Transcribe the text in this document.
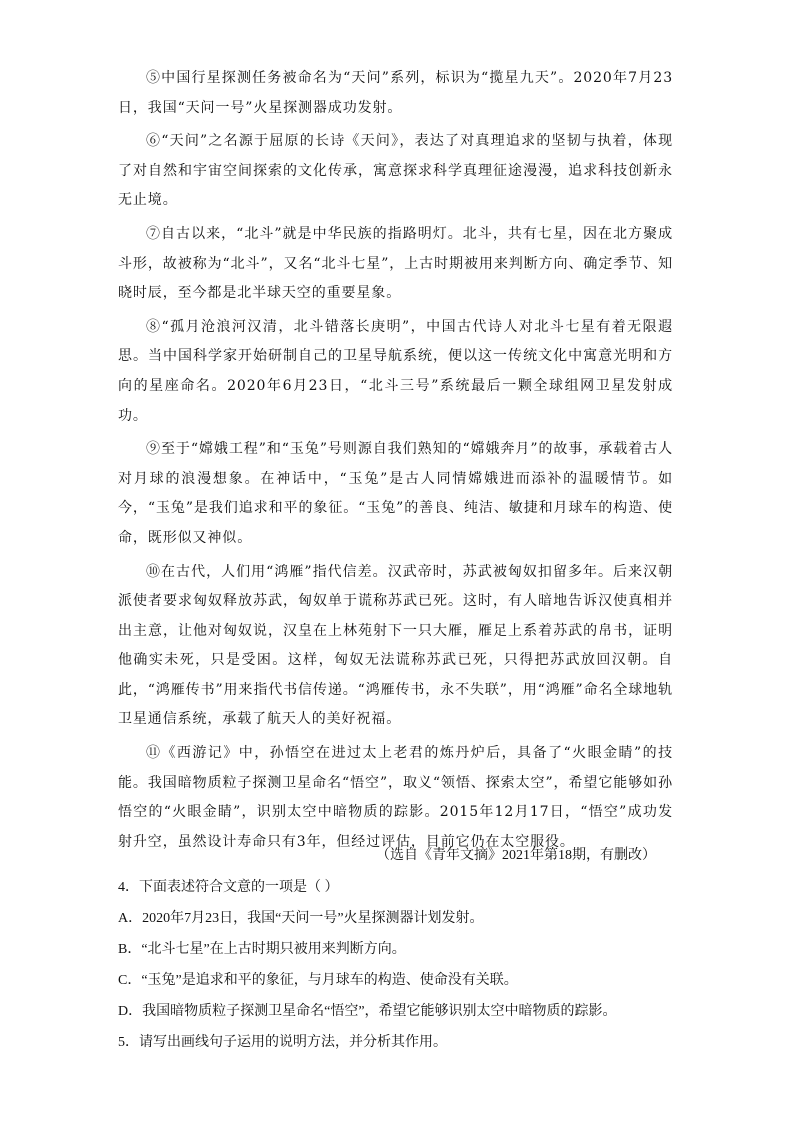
⑤中国行星探测任务被命名为“天问”系列，标识为“揽星九天”。2020年7月23日，我国“天问一号”火星探测器成功发射。

⑥“天问”之名源于屈原的长诗《天问》，表达了对真理追求的坚韧与执着，体现了对自然和宇宙空间探索的文化传承，寓意探求科学真理征途漫漫，追求科技创新永无止境。

⑦自古以来，“北斗”就是中华民族的指路明灯。北斗，共有七星，因在北方聚成斗形，故被称为“北斗”，又名“北斗七星”，上古时期被用来判断方向、确定季节、知晓时辰，至今都是北半球天空的重要星象。

⑧“孤月沧浪河汉清，北斗错落长庚明”，中国古代诗人对北斗七星有着无限遐思。当中国科学家开始研制自己的卫星导航系统，便以这一传统文化中寓意光明和方向的星座命名。2020年6月23日，“北斗三号”系统最后一颗全球组网卫星发射成功。

⑨至于“嫦娥工程”和“玉兔”号则源自我们熟知的“嫦娥奔月”的故事，承载着古人对月球的浪漫想象。在神话中，“玉兔”是古人同情嫦娥进而添补的温暖情节。如今，“玉兔”是我们追求和平的象征。“玉兔”的善良、纯洁、敏捷和月球车的构造、使命，既形似又神似。

⑩在古代，人们用“鸿雁”指代信差。汉武帝时，苏武被匈奴扣留多年。后来汉朝派使者要求匈奴释放苏武，匈奴单于谎称苏武已死。这时，有人暗地告诉汉使真相并出主意，让他对匈奴说，汉皇在上林苑射下一只大雁，雁足上系着苏武的帛书，证明他确实未死，只是受困。这样，匈奴无法谎称苏武已死，只得把苏武放回汉朝。自此，“鸿雁传书”用来指代书信传递。“鸿雁传书，永不失联”，用“鸿雁”命名全球地轨卫星通信系统，承载了航天人的美好祝福。

⑪《西游记》中，孙悟空在进过太上老君的炼丹炉后，具备了“火眼金睛”的技能。我国暗物质粒子探测卫星命名“悟空”，取义“领悟、探索太空”，希望它能够如孙悟空的“火眼金睛”，识别太空中暗物质的踪影。2015年12月17日，“悟空”成功发射升空，虽然设计寿命只有3年，但经过评估，目前它仍在太空服役。

（选自《青年文摘》2021年第18期，有删改）
4．下面表述符合文意的一项是（ ）
A．2020年7月23日，我国“天问一号”火星探测器计划发射。
B．“北斗七星”在上古时期只被用来判断方向。
C．“玉兔”是追求和平的象征，与月球车的构造、使命没有关联。
D．我国暗物质粒子探测卫星命名“悟空”，希望它能够识别太空中暗物质的踪影。
5．请写出画线句子运用的说明方法，并分析其作用。
